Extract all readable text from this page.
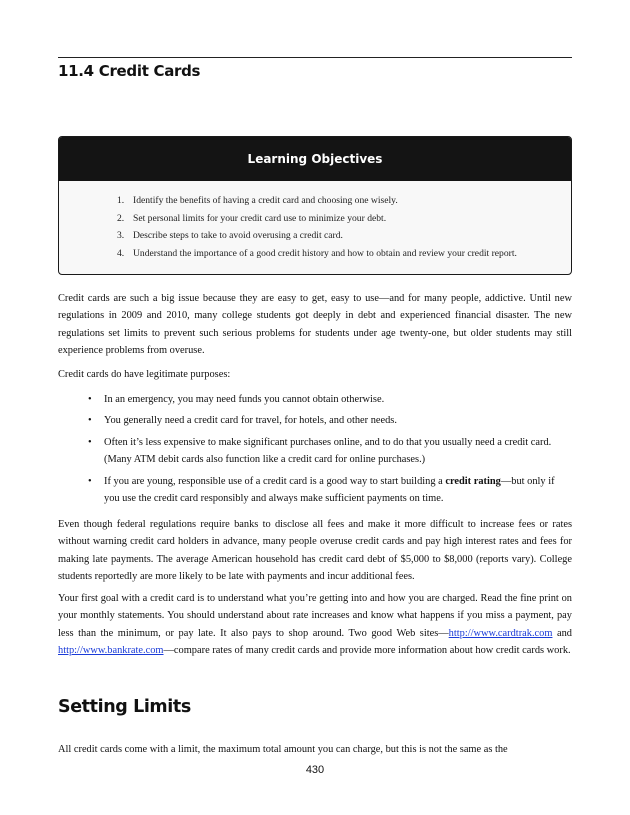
11.4 Credit Cards
Learning Objectives
1. Identify the benefits of having a credit card and choosing one wisely.
2. Set personal limits for your credit card use to minimize your debt.
3. Describe steps to take to avoid overusing a credit card.
4. Understand the importance of a good credit history and how to obtain and review your credit report.

Credit cards are such a big issue because they are easy to get, easy to use—and for many people, addictive. Until new regulations in 2009 and 2010, many college students got deeply in debt and experienced financial disaster. The new regulations set limits to prevent such serious problems for students under age twenty-one, but older students may still experience problems from overuse.

Credit cards do have legitimate purposes:

• In an emergency, you may need funds you cannot obtain otherwise.
• You generally need a credit card for travel, for hotels, and other needs.
• Often it’s less expensive to make significant purchases online, and to do that you usually need a credit card. (Many ATM debit cards also function like a credit card for online purchases.)
• If you are young, responsible use of a credit card is a good way to start building a credit rating—but only if you use the credit card responsibly and always make sufficient payments on time.

Even though federal regulations require banks to disclose all fees and make it more difficult to increase fees or rates without warning credit card holders in advance, many people overuse credit cards and pay high interest rates and fees for making late payments. The average American household has credit card debt of $5,000 to $8,000 (reports vary). College students reportedly are more likely to be late with payments and incur additional fees.

Your first goal with a credit card is to understand what you’re getting into and how you are charged. Read the fine print on your monthly statements. You should understand about rate increases and know what happens if you miss a payment, pay less than the minimum, or pay late. It also pays to shop around. Two good Web sites—http://www.cardtrak.com and http://www.bankrate.com—compare rates of many credit cards and provide more information about how credit cards work.

Setting Limits

All credit cards come with a limit, the maximum total amount you can charge, but this is not the same as the

430
